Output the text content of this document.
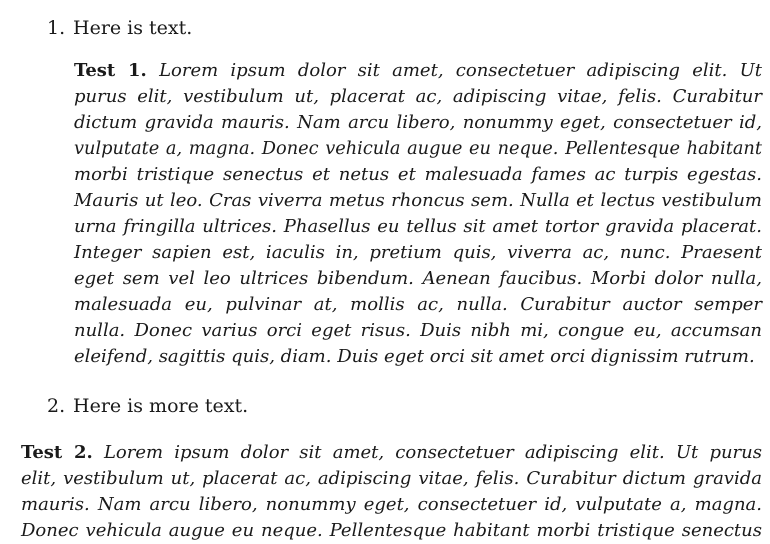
1. Here is text.
Test 1. Lorem ipsum dolor sit amet, consectetuer adipiscing elit. Ut
purus elit, vestibulum ut, placerat ac, adipiscing vitae, felis. Curabitur
dictum gravida mauris. Nam arcu libero, nonummy eget, consectetuer id,
vulputate a, magna. Donec vehicula augue eu neque. Pellentesque habitant
morbi tristique senectus et netus et malesuada fames ac turpis egestas.
Mauris ut leo. Cras viverra metus rhoncus sem. Nulla et lectus vestibulum
urna fringilla ultrices. Phasellus eu tellus sit amet tortor gravida placerat.
Integer sapien est, iaculis in, pretium quis, viverra ac, nunc. Praesent
eget sem vel leo ultrices bibendum. Aenean faucibus. Morbi dolor nulla,
malesuada eu, pulvinar at, mollis ac, nulla. Curabitur auctor semper
nulla. Donec varius orci eget risus. Duis nibh mi, congue eu, accumsan
eleifend, sagittis quis, diam. Duis eget orci sit amet orci dignissim rutrum.
2. Here is more text.
Test 2. Lorem ipsum dolor sit amet, consectetuer adipiscing elit. Ut purus
elit, vestibulum ut, placerat ac, adipiscing vitae, felis. Curabitur dictum gravida
mauris. Nam arcu libero, nonummy eget, consectetuer id, vulputate a, magna.
Donec vehicula augue eu neque. Pellentesque habitant morbi tristique senectus
